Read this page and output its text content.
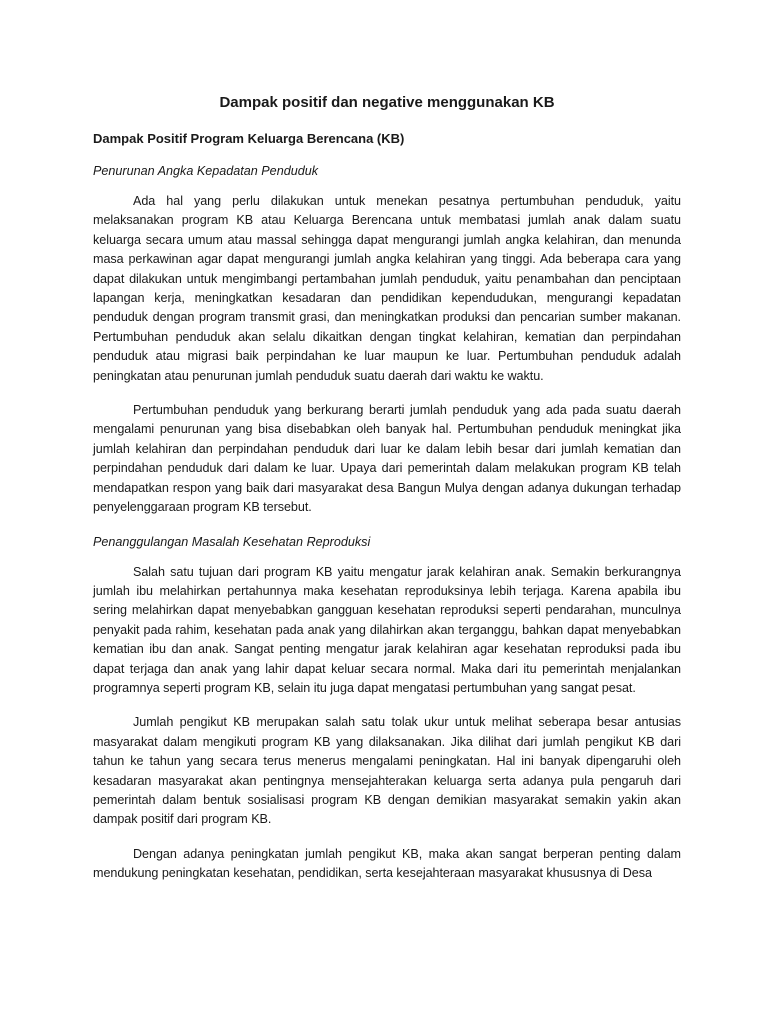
Dampak positif dan negative menggunakan KB
Dampak Positif Program Keluarga Berencana (KB)
Penurunan Angka Kepadatan Penduduk

Ada hal yang perlu dilakukan untuk menekan pesatnya pertumbuhan penduduk, yaitu melaksanakan program KB atau Keluarga Berencana untuk membatasi jumlah anak dalam suatu keluarga secara umum atau massal sehingga dapat mengurangi jumlah angka kelahiran, dan menunda masa perkawinan agar dapat mengurangi jumlah angka kelahiran yang tinggi. Ada beberapa cara yang dapat dilakukan untuk mengimbangi pertambahan jumlah penduduk, yaitu penambahan dan penciptaan lapangan kerja, meningkatkan kesadaran dan pendidikan kependudukan, mengurangi kepadatan penduduk dengan program transmit grasi, dan meningkatkan produksi dan pencarian sumber makanan. Pertumbuhan penduduk akan selalu dikaitkan dengan tingkat kelahiran, kematian dan perpindahan penduduk atau migrasi baik perpindahan ke luar maupun ke luar. Pertumbuhan penduduk adalah peningkatan atau penurunan jumlah penduduk suatu daerah dari waktu ke waktu.

Pertumbuhan penduduk yang berkurang berarti jumlah penduduk yang ada pada suatu daerah mengalami penurunan yang bisa disebabkan oleh banyak hal. Pertumbuhan penduduk meningkat jika jumlah kelahiran dan perpindahan penduduk dari luar ke dalam lebih besar dari jumlah kematian dan perpindahan penduduk dari dalam ke luar. Upaya dari pemerintah dalam melakukan program KB telah mendapatkan respon yang baik dari masyarakat desa Bangun Mulya dengan adanya dukungan terhadap penyelenggaraan program KB tersebut.

Penanggulangan Masalah Kesehatan Reproduksi

Salah satu tujuan dari program KB yaitu mengatur jarak kelahiran anak. Semakin berkurangnya jumlah ibu melahirkan pertahunnya maka kesehatan reproduksinya lebih terjaga. Karena apabila ibu sering melahirkan dapat menyebabkan gangguan kesehatan reproduksi seperti pendarahan, munculnya penyakit pada rahim, kesehatan pada anak yang dilahirkan akan terganggu, bahkan dapat menyebabkan kematian ibu dan anak. Sangat penting mengatur jarak kelahiran agar kesehatan reproduksi pada ibu dapat terjaga dan anak yang lahir dapat keluar secara normal. Maka dari itu pemerintah menjalankan programnya seperti program KB, selain itu juga dapat mengatasi pertumbuhan yang sangat pesat.

Jumlah pengikut KB merupakan salah satu tolak ukur untuk melihat seberapa besar antusias masyarakat dalam mengikuti program KB yang dilaksanakan. Jika dilihat dari jumlah pengikut KB dari tahun ke tahun yang secara terus menerus mengalami peningkatan. Hal ini banyak dipengaruhi oleh kesadaran masyarakat akan pentingnya mensejahterakan keluarga serta adanya pula pengaruh dari pemerintah dalam bentuk sosialisasi program KB dengan demikian masyarakat semakin yakin akan dampak positif dari program KB.

Dengan adanya peningkatan jumlah pengikut KB, maka akan sangat berperan penting dalam mendukung peningkatan kesehatan, pendidikan, serta kesejahteraan masyarakat khususnya di Desa
